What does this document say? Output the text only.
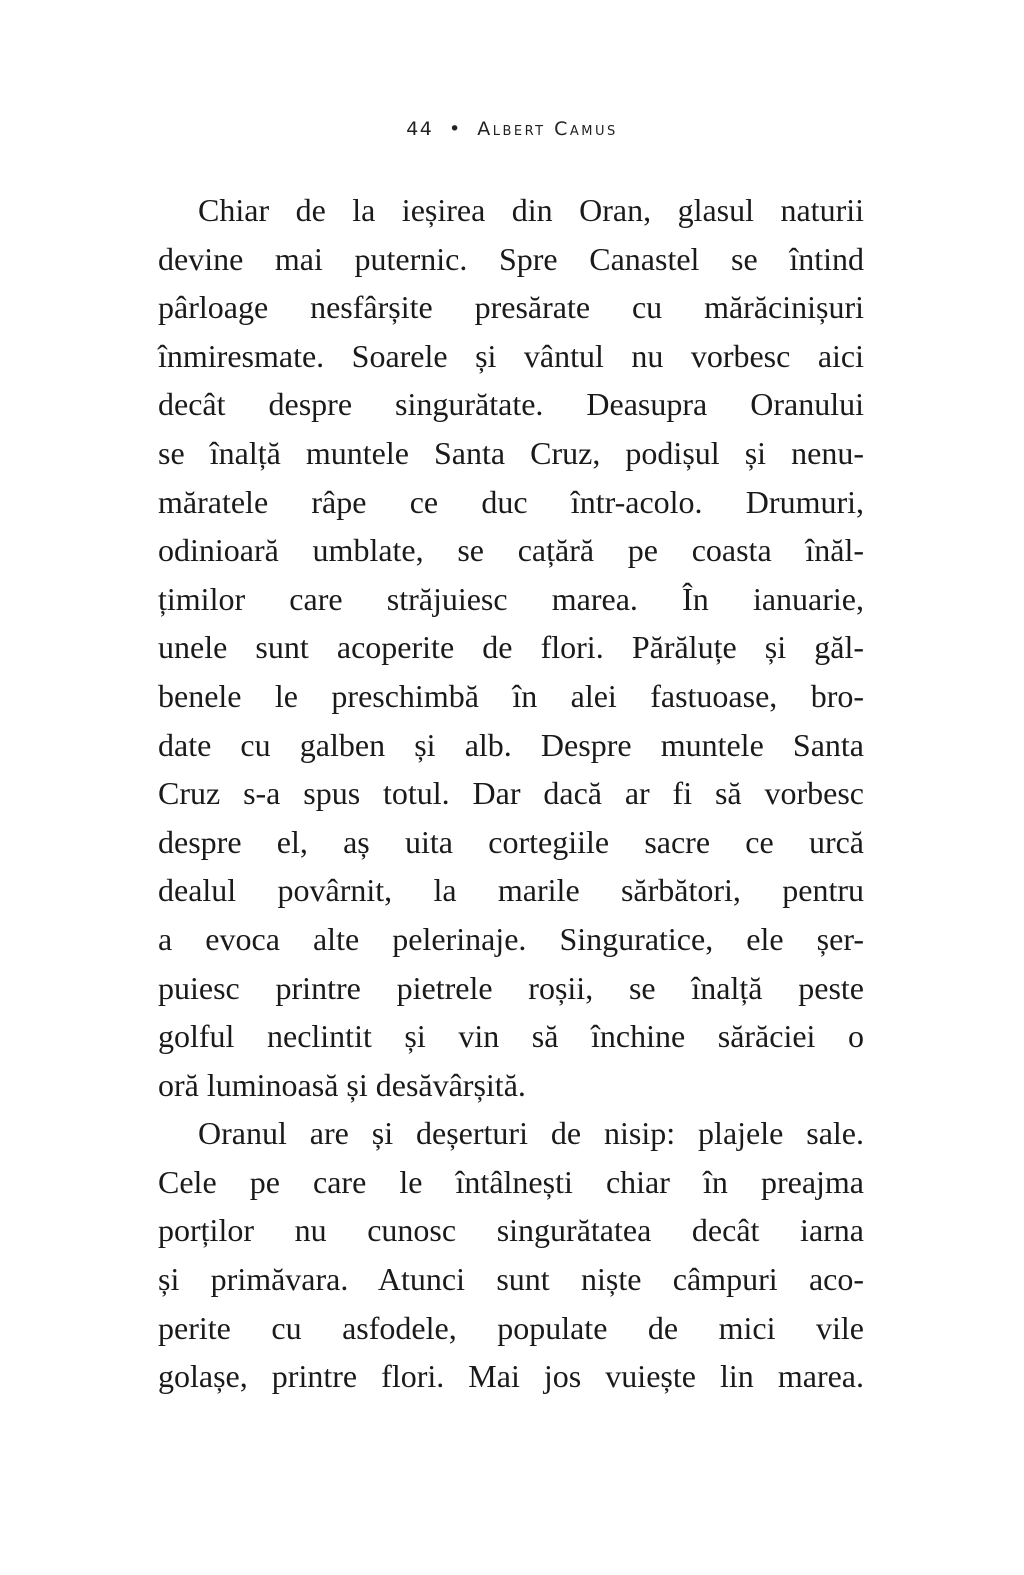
44 • Albert Camus
Chiar de la ieșirea din Oran, glasul naturii
devine mai puternic. Spre Canastel se întind
pârloage nesfârșite presărate cu mărăcinișuri
înmiresmate. Soarele și vântul nu vorbesc aici
decât despre singurătate. Deasupra Oranului
se înalță muntele Santa Cruz, podișul și nenu-
măratele râpe ce duc într-acolo. Drumuri,
odinioară umblate, se cațără pe coasta înăl-
țimilor care străjuiesc marea. În ianuarie,
unele sunt acoperite de flori. Părăluțe și găl-
benele le preschimbă în alei fastuoase, bro-
date cu galben și alb. Despre muntele Santa
Cruz s-a spus totul. Dar dacă ar fi să vorbesc
despre el, aș uita cortegiile sacre ce urcă
dealul povârnit, la marile sărbători, pentru
a evoca alte pelerinaje. Singuratice, ele șer-
puiesc printre pietrele roșii, se înalță peste
golful neclintit și vin să închine sărăciei o
oră luminoasă și desăvârșită.
Oranul are și deșerturi de nisip: plajele sale.
Cele pe care le întâlnești chiar în preajma
porților nu cunosc singurătatea decât iarna
și primăvara. Atunci sunt niște câmpuri aco-
perite cu asfodele, populate de mici vile
golașe, printre flori. Mai jos vuiește lin marea.
